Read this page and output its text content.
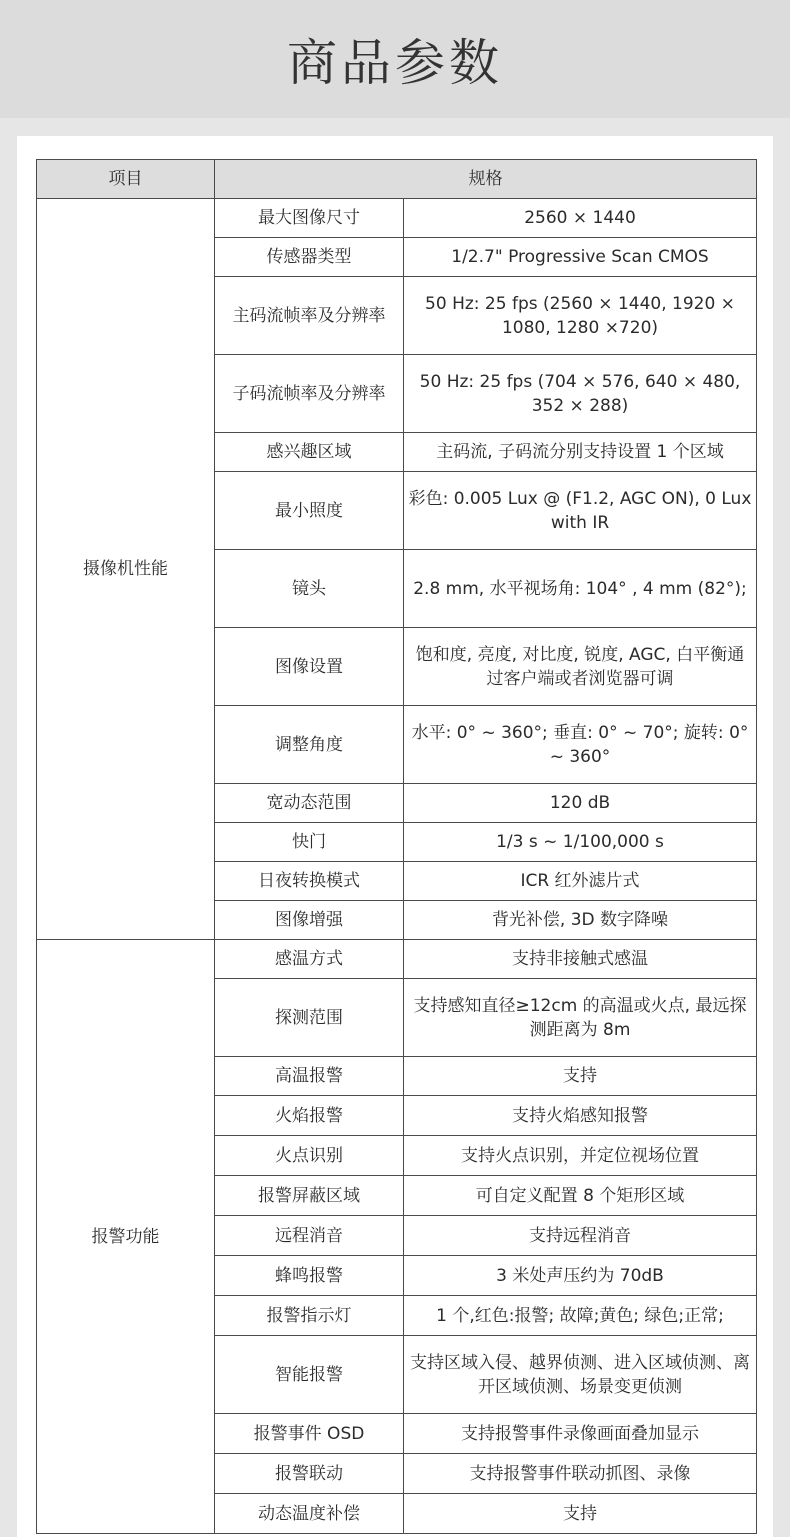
商品参数
项目	规格	
摄像机性能	最大图像尺寸	2560 × 1440
	传感器类型	1/2.7" Progressive Scan CMOS
	主码流帧率及分辨率	50 Hz: 25 fps (2560 × 1440, 1920 × 1080, 1280 ×720)
	子码流帧率及分辨率	50 Hz: 25 fps (704 × 576, 640 × 480, 352 × 288)
	感兴趣区域	主码流, 子码流分别支持设置 1 个区域
	最小照度	彩色: 0.005 Lux @ (F1.2, AGC ON), 0 Lux with IR
	镜头	2.8 mm, 水平视场角: 104° , 4 mm (82°);
	图像设置	饱和度, 亮度, 对比度, 锐度, AGC, 白平衡通过客户端或者浏览器可调
	调整角度	水平: 0° ~ 360°; 垂直: 0° ~ 70°; 旋转: 0° ~ 360°
	宽动态范围	120 dB
	快门	1/3 s ~ 1/100,000 s
	日夜转换模式	ICR 红外滤片式
	图像增强	背光补偿, 3D 数字降噪
报警功能	感温方式	支持非接触式感温
	探测范围	支持感知直径≥12cm 的高温或火点, 最远探测距离为 8m
	高温报警	支持
	火焰报警	支持火焰感知报警
	火点识别	支持火点识别，并定位视场位置
	报警屏蔽区域	可自定义配置 8 个矩形区域
	远程消音	支持远程消音
	蜂鸣报警	3 米处声压约为 70dB
	报警指示灯	1 个,红色:报警; 故障;黄色; 绿色;正常;
	智能报警	支持区域入侵、越界侦测、进入区域侦测、离开区域侦测、场景变更侦测
	报警事件 OSD	支持报警事件录像画面叠加显示
	报警联动	支持报警事件联动抓图、录像
	动态温度补偿	支持
